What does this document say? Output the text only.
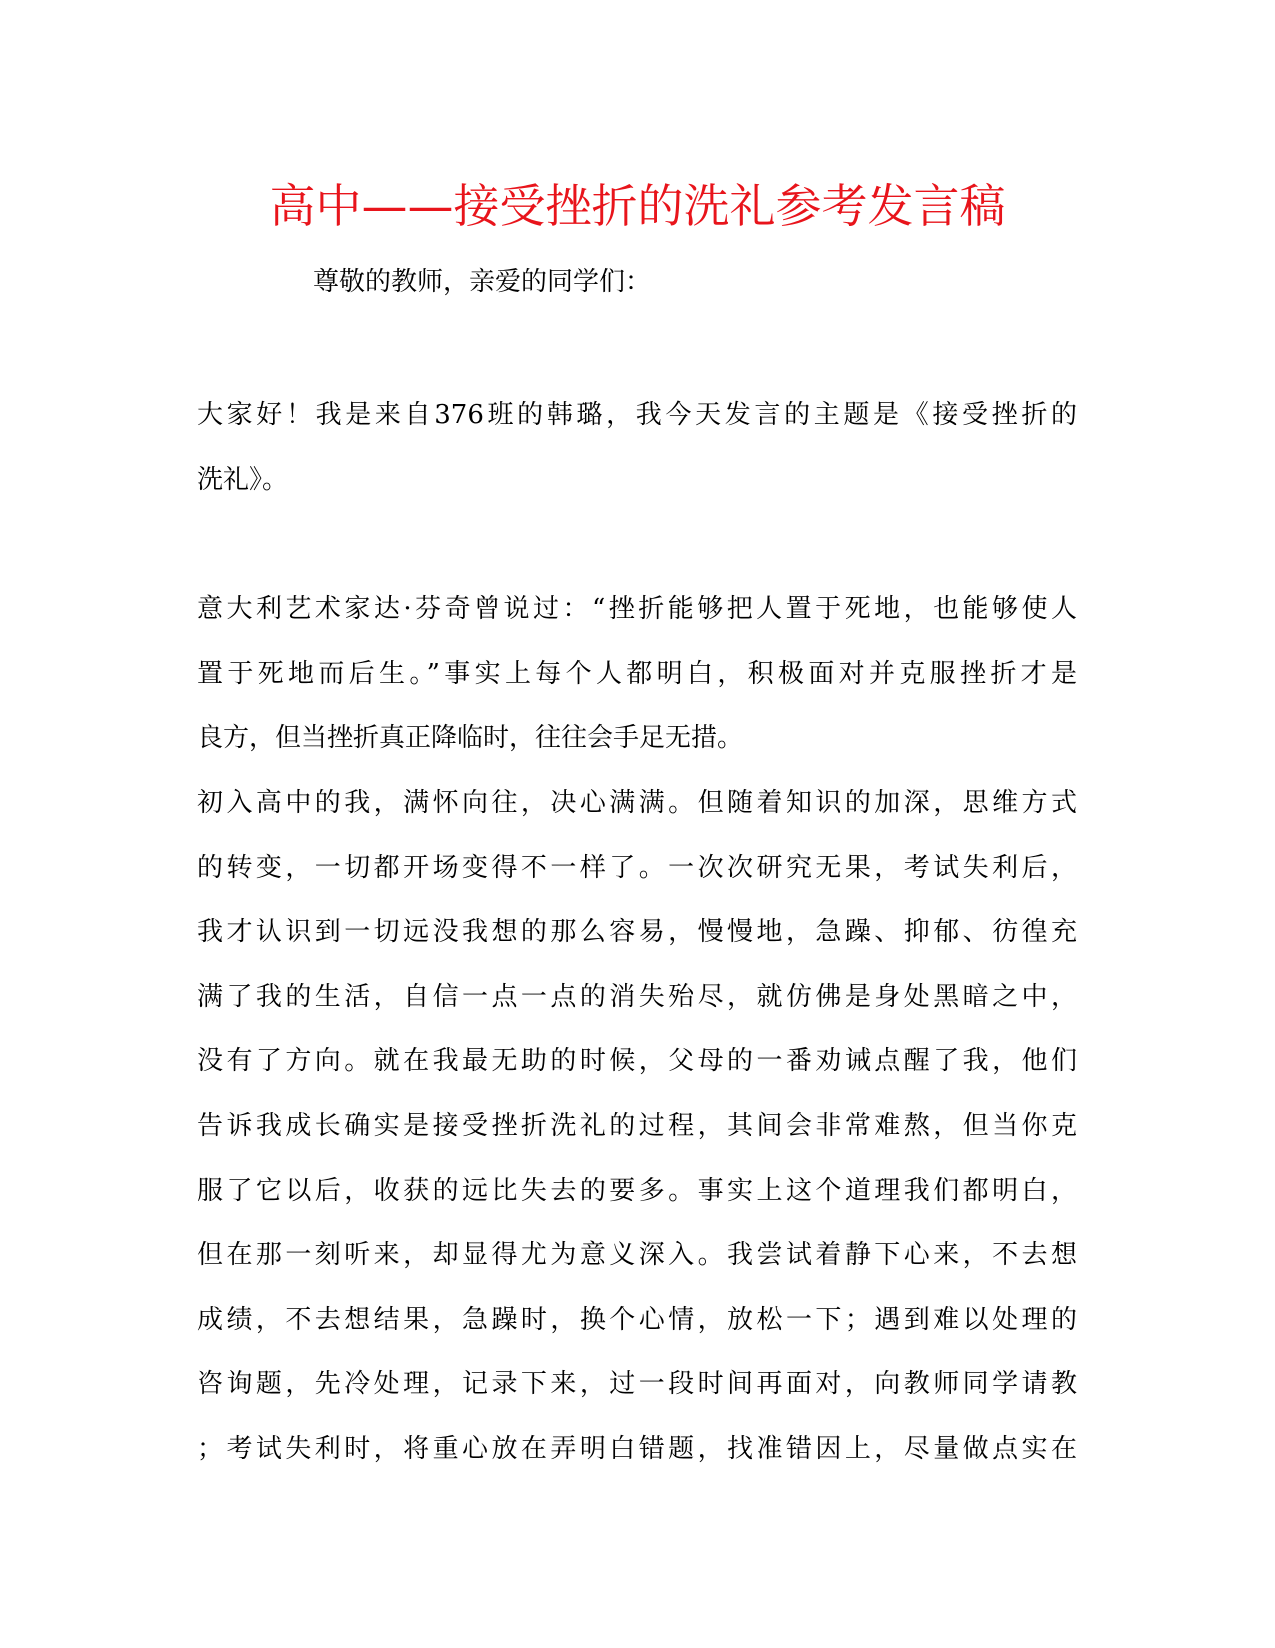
高中——接受挫折的洗礼参考发言稿
尊敬的教师，亲爱的同学们：
大家好！我是来自376班的韩璐，我今天发言的主题是《接受挫折的
洗礼》。
意大利艺术家达·芬奇曾说过：“挫折能够把人置于死地，也能够使人
置于死地而后生。”事实上每个人都明白，积极面对并克服挫折才是
良方，但当挫折真正降临时，往往会手足无措。
初入高中的我，满怀向往，决心满满。但随着知识的加深，思维方式
的转变，一切都开场变得不一样了。一次次研究无果，考试失利后，
我才认识到一切远没我想的那么容易，慢慢地，急躁、抑郁、彷徨充
满了我的生活，自信一点一点的消失殆尽，就仿佛是身处黑暗之中，
没有了方向。就在我最无助的时候，父母的一番劝诫点醒了我，他们
告诉我成长确实是接受挫折洗礼的过程，其间会非常难熬，但当你克
服了它以后，收获的远比失去的要多。事实上这个道理我们都明白，
但在那一刻听来，却显得尤为意义深入。我尝试着静下心来，不去想
成绩，不去想结果，急躁时，换个心情，放松一下；遇到难以处理的
咨询题，先冷处理，记录下来，过一段时间再面对，向教师同学请教
；考试失利时，将重心放在弄明白错题，找准错因上，尽量做点实在
